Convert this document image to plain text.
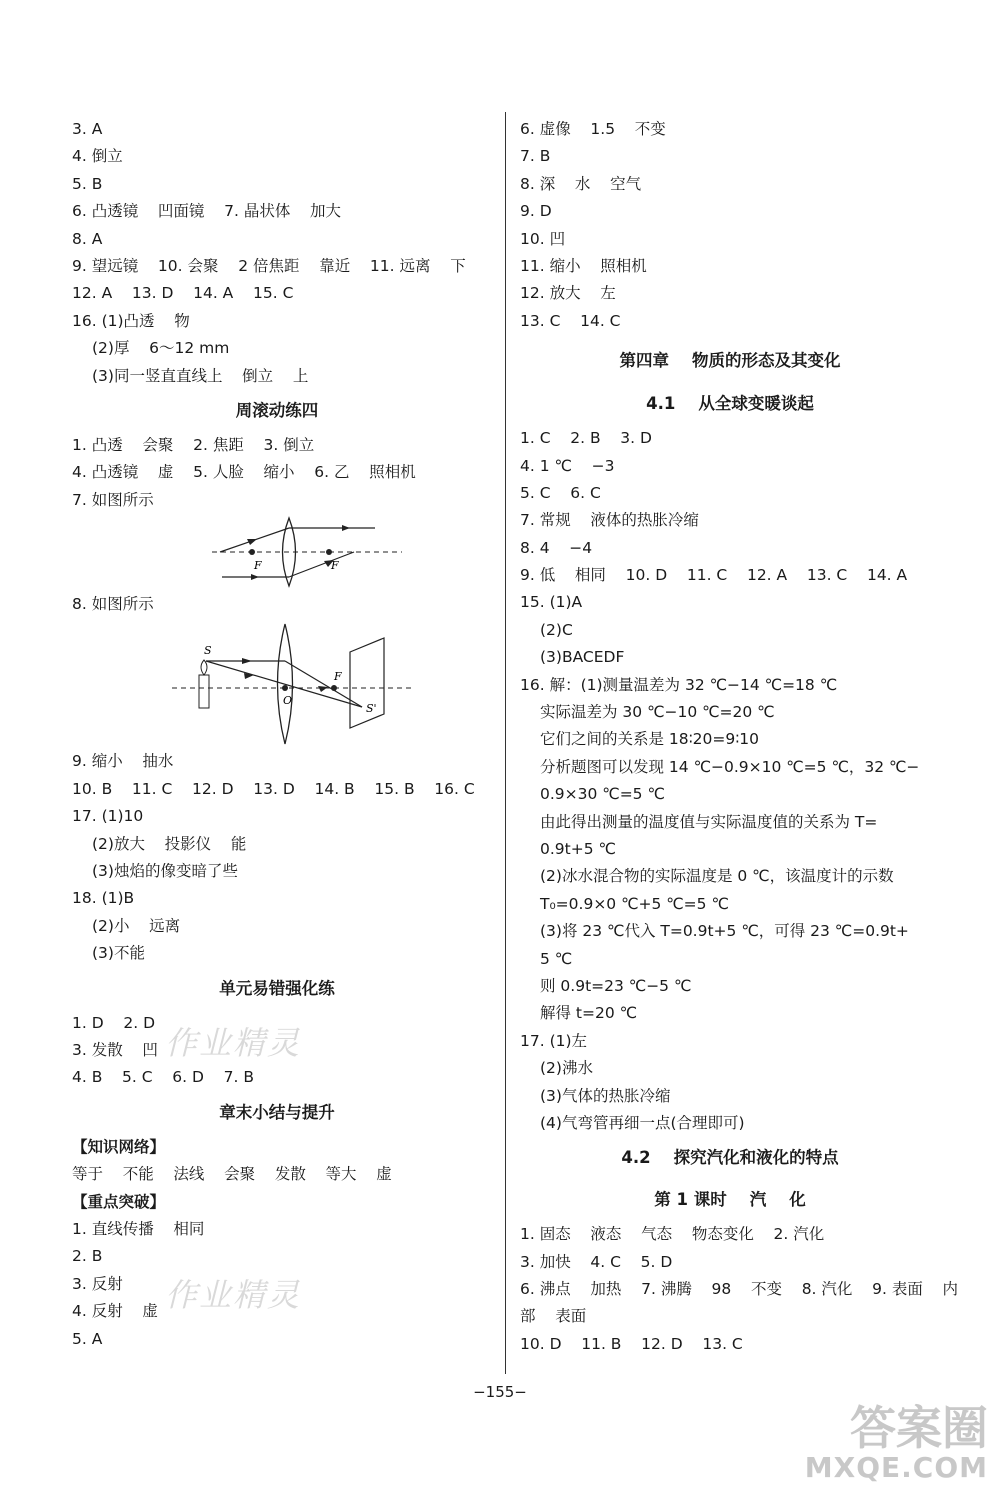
3. A
4. 倒立
5. B
6. 凸透镜    凹面镜    7. 晶状体    加大
8. A
9. 望远镜    10. 会聚    2 倍焦距    靠近    11. 远离    下
12. A    13. D    14. A    15. C
16. (1)凸透    物
(2)厚    6～12 mm
(3)同一竖直直线上    倒立    上
周滚动练四
1. 凸透    会聚    2. 焦距    3. 倒立
4. 凸透镜    虚    5. 人脸    缩小    6. 乙    照相机
7. 如图所示
F	F
8. 如图所示
S
O
F
S'
9. 缩小    抽水
10. B    11. C    12. D    13. D    14. B    15. B    16. C
17. (1)10
(2)放大    投影仪    能
(3)烛焰的像变暗了些
18. (1)B
(2)小    远离
(3)不能
单元易错强化练
1. D    2. D
3. 发散    凹
4. B    5. C    6. D    7. B
章末小结与提升
【知识网络】
等于    不能    法线    会聚    发散    等大    虚
【重点突破】
1. 直线传播    相同
2. B
3. 反射
4. 反射    虚
5. A
6. 虚像    1.5    不变
7. B
8. 深    水    空气
9. D
10. 凹
11. 缩小    照相机
12. 放大    左
13. C    14. C
第四章    物质的形态及其变化
4.1    从全球变暖谈起
1. C    2. B    3. D
4. 1 ℃    −3
5. C    6. C
7. 常规    液体的热胀冷缩
8. 4    −4
9. 低    相同    10. D    11. C    12. A    13. C    14. A
15. (1)A
(2)C
(3)BACEDF
16. 解：(1)测量温差为 32 ℃−14 ℃=18 ℃
实际温差为 30 ℃−10 ℃=20 ℃
它们之间的关系是 18∶20=9∶10
分析题图可以发现 14 ℃−0.9×10 ℃=5 ℃，32 ℃−
0.9×30 ℃=5 ℃
由此得出测量的温度值与实际温度值的关系为 T=
0.9t+5 ℃
(2)冰水混合物的实际温度是 0 ℃，该温度计的示数
T₀=0.9×0 ℃+5 ℃=5 ℃
(3)将 23 ℃代入 T=0.9t+5 ℃，可得 23 ℃=0.9t+
5 ℃
则 0.9t=23 ℃−5 ℃
解得 t=20 ℃
17. (1)左
(2)沸水
(3)气体的热胀冷缩
(4)气弯管再细一点(合理即可)
4.2    探究汽化和液化的特点
第 1 课时    汽    化
1. 固态    液态    气态    物态变化    2. 汽化
3. 加快    4. C    5. D
6. 沸点    加热    7. 沸腾    98    不变    8. 汽化    9. 表面    内
部    表面
10. D    11. B    12. D    13. C
作业精灵
作业精灵
−155−
答案圈
MXQE.COM
